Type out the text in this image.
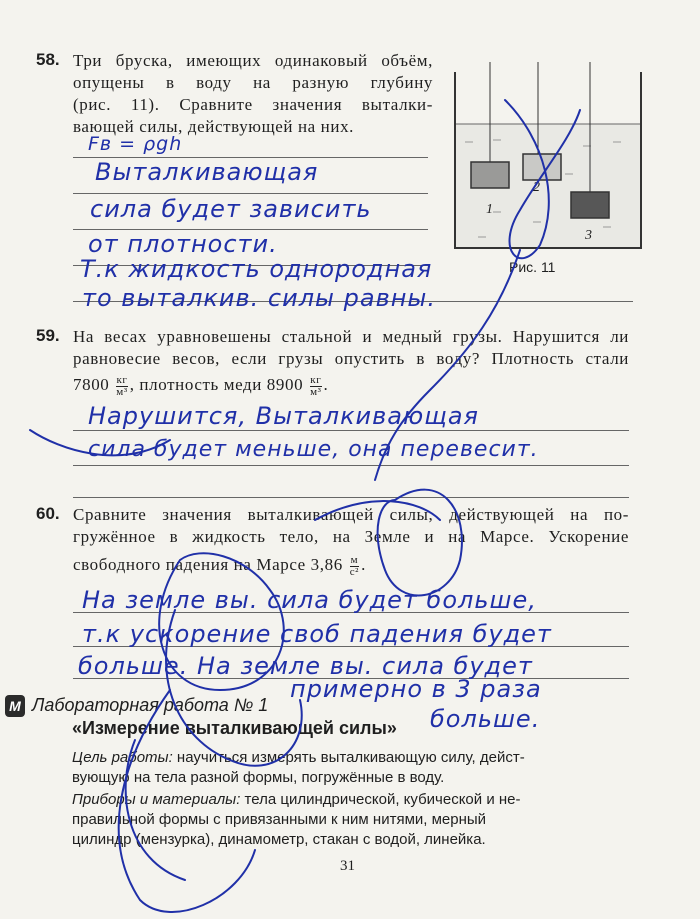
58. Три бруска, имеющих одинаковый объём,
опущены в воду на разную глубину
(рис. 11). Сравните значения выталки-
вающей силы, действующей на них.
1
2
3
Рис. 11
Fв = ρgh
Выталкивающая
сила будет зависить
от плотности.
Т.к жидкость однородная
то выталкив. силы равны.
59. На весах уравновешены стальной и медный грузы. Нарушится ли
равновесие весов, если грузы опустить в воду? Плотность стали
$7800 \frac{кг}{\text{м³}}$ , плотность меди $8900 \frac{кг}{\text{м³}}$ .
Нарушится, Выталкивающая
сила будет меньше, она перевесит.
60. Сравните значения выталкивающей силы, действующей на по-
гружённое в жидкость тело, на Земле и на Марсе. Ускорение
свободного падения на Марсе $3,86 \frac{м}{\text{с²}}$ .
На земле вы. сила будет больше,
т.к ускорение своб падения будет
больше. На земле вы. сила будет
примерно в 3 раза
больше.
М Лабораторная работа № 1
«Измерение выталкивающей силы»
Цель работы: научиться измерять выталкивающую силу, дейст-
вующую на тела разной формы, погружённые в воду.
Приборы и материалы: тела цилиндрической, кубической и не-
правильной формы с привязанными к ним нитями, мерный
цилиндр (мензурка), динамометр, стакан с водой, линейка.
31
